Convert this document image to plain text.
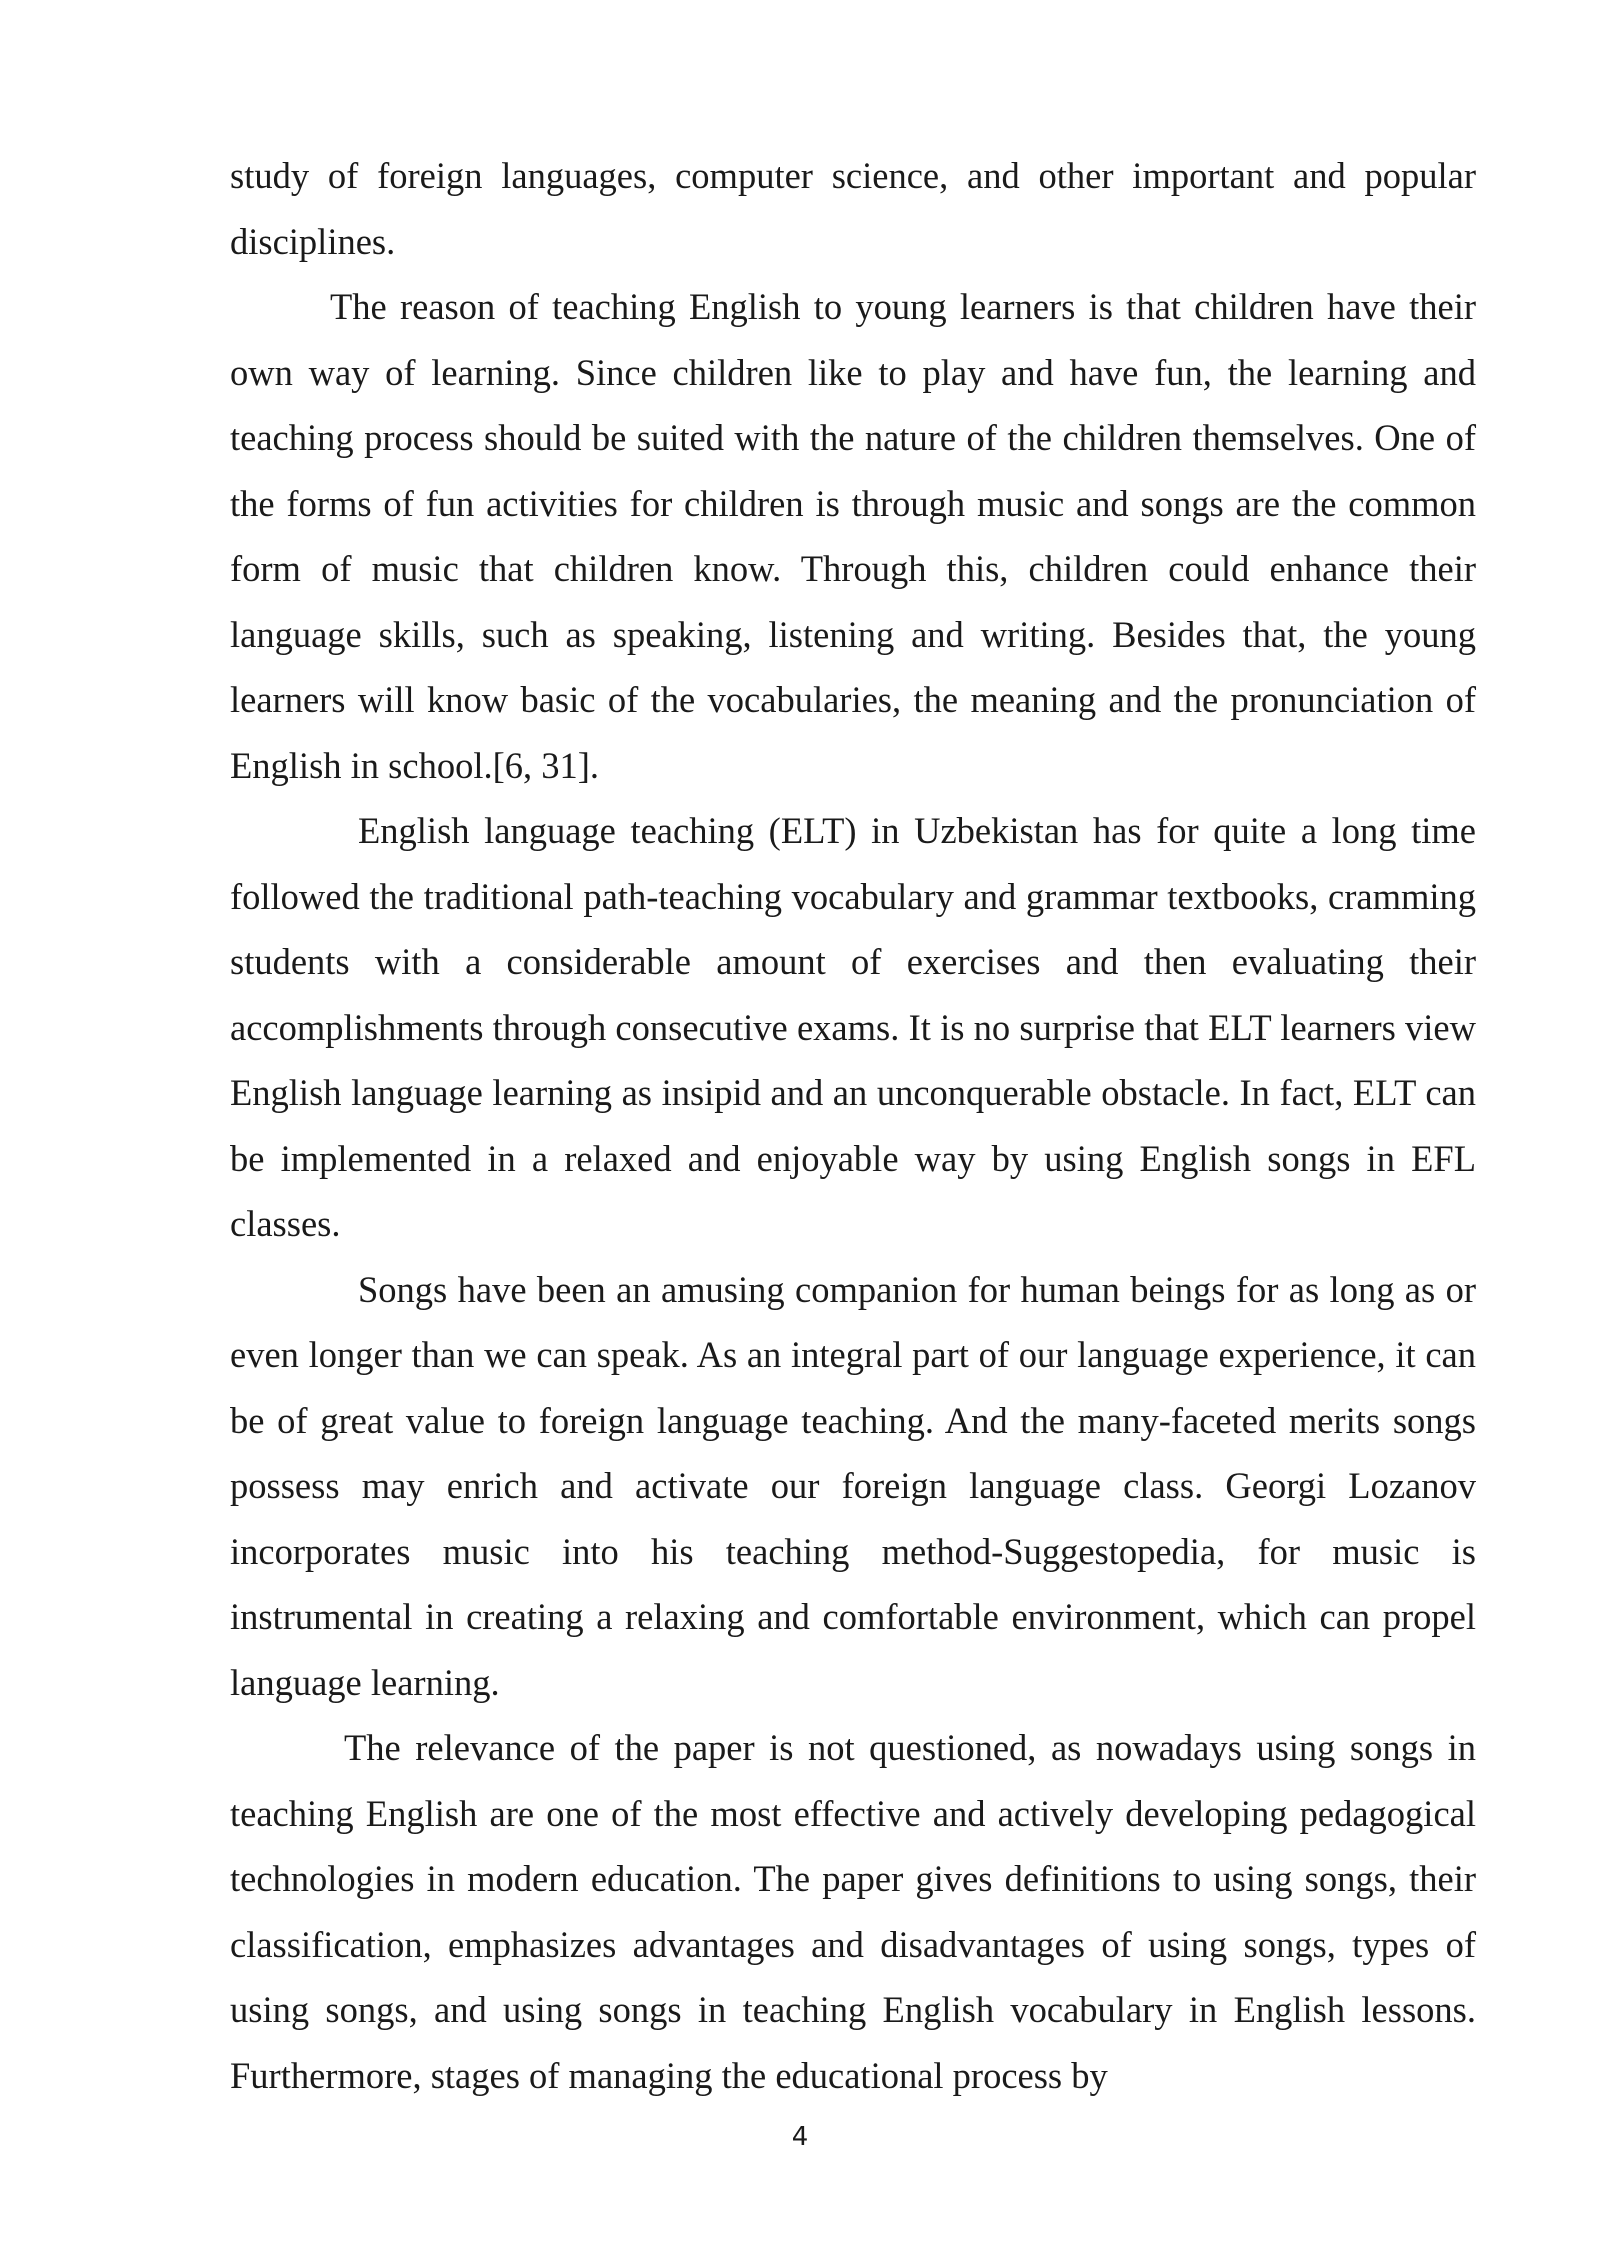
study of foreign languages, computer science, and other important and popular disciplines.

The reason of teaching English to young learners is that children have their own way of learning. Since children like to play and have fun, the learning and teaching process should be suited with the nature of the children themselves. One of the forms of fun activities for children is through music and songs are the common form of music that children know. Through this, children could enhance their language skills, such as speaking, listening and writing. Besides that, the young learners will know basic of the vocabularies, the meaning and the pronunciation of English in school.[6, 31].

English language teaching (ELT) in Uzbekistan has for quite a long time followed the traditional path-teaching vocabulary and grammar textbooks, cramming students with a considerable amount of exercises and then evaluating their accomplishments through consecutive exams. It is no surprise that ELT learners view English language learning as insipid and an unconquerable obstacle. In fact, ELT can be implemented in a relaxed and enjoyable way by using English songs in EFL classes.

Songs have been an amusing companion for human beings for as long as or even longer than we can speak. As an integral part of our language experience, it can be of great value to foreign language teaching. And the many-faceted merits songs possess may enrich and activate our foreign language class. Georgi Lozanov incorporates music into his teaching method-Suggestopedia, for music is instrumental in creating a relaxing and comfortable environment, which can propel language learning.

The relevance of the paper is not questioned, as nowadays using songs in teaching English are one of the most effective and actively developing pedagogical technologies in modern education. The paper gives definitions to using songs, their classification, emphasizes advantages and disadvantages of using songs, types of using songs, and using songs in teaching English vocabulary in English lessons. Furthermore, stages of managing the educational process by

4
